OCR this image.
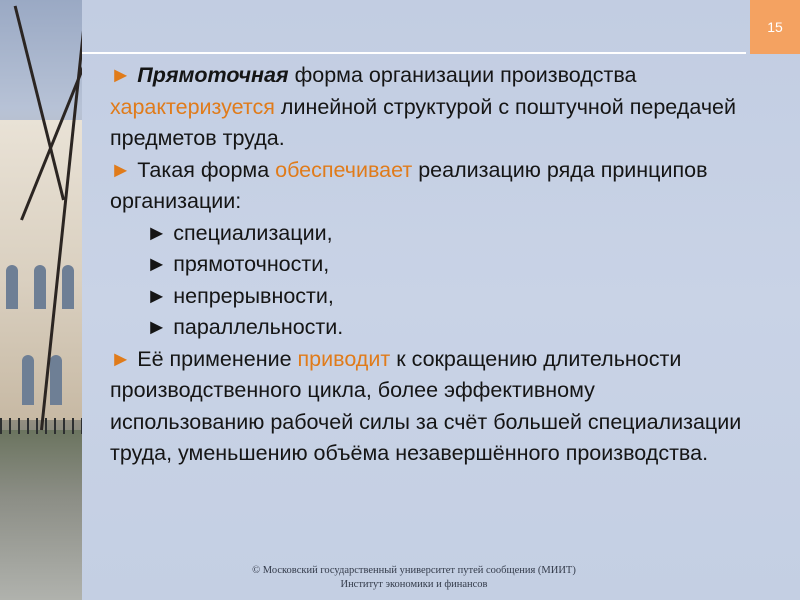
15

► Прямоточная форма организации производства характеризуется линейной структурой с поштучной передачей предметов труда.

► Такая форма обеспечивает реализацию ряда принципов организации:

► специализации,

► прямоточности,

► непрерывности,

► параллельности.

► Её применение приводит к сокращению длительности производственного цикла, более эффективному использованию рабочей силы за счёт большей специализации труда, уменьшению объёма незавершённого производства.

© Московский государственный университет путей сообщения (МИИТ)
Институт экономики и финансов
